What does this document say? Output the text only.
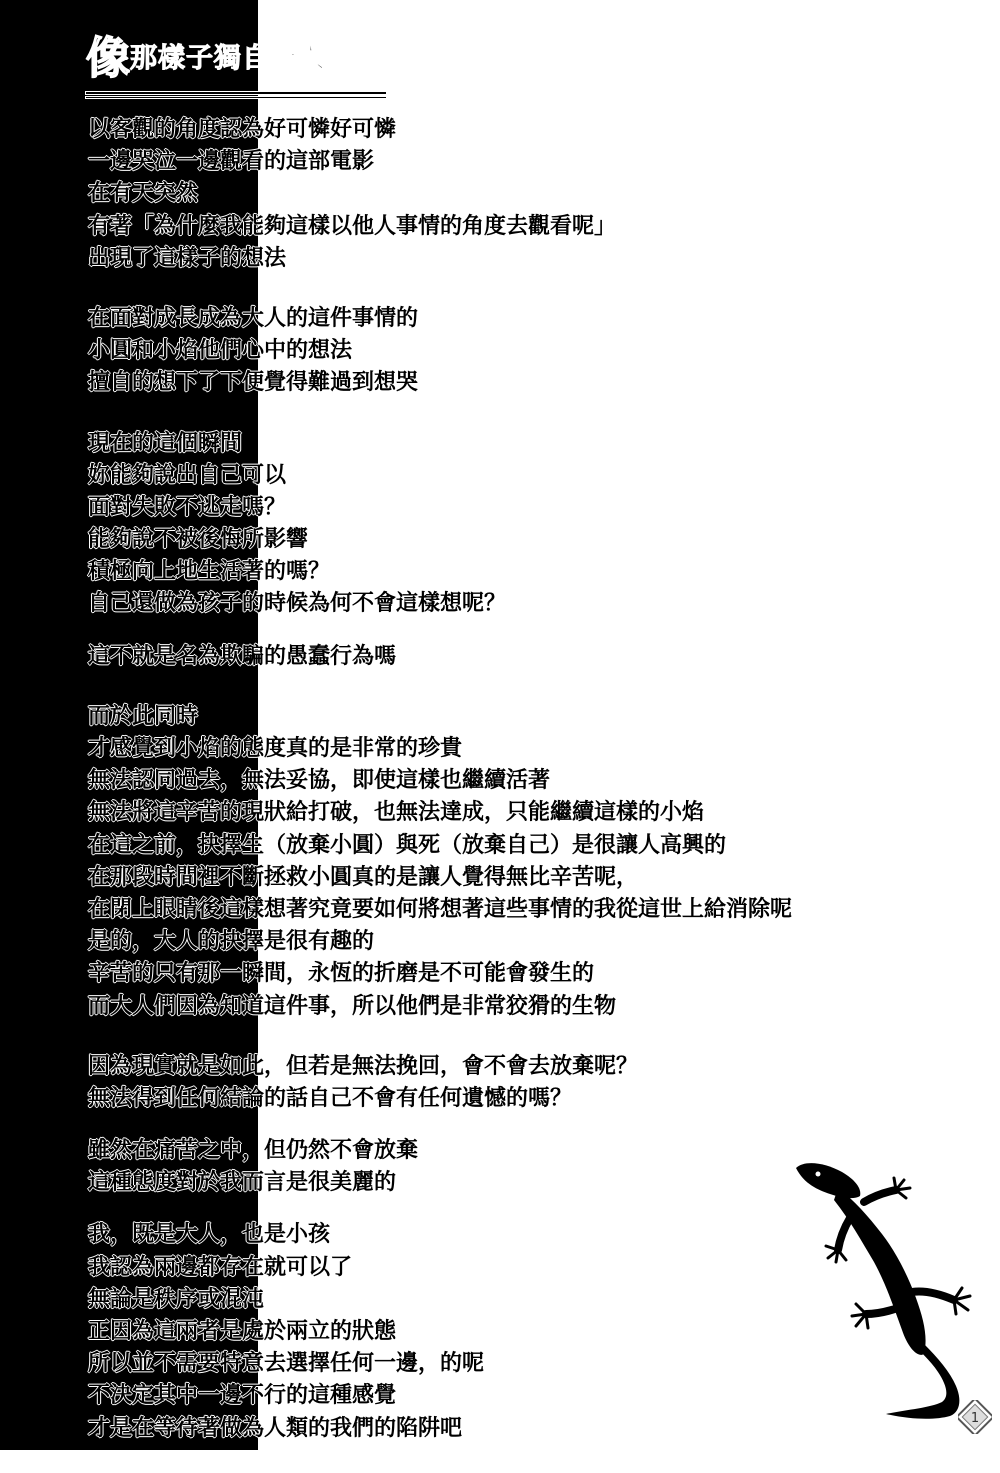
像那樣子獨自一人
以客觀的角度認為好可憐好可憐
一邊哭泣一邊觀看的這部電影
在有天突然
有著「為什麼我能夠這樣以他人事情的角度去觀看呢」
出現了這樣子的想法
在面對成長成為大人的這件事情的
小圓和小焰他們心中的想法
擅自的想下了下便覺得難過到想哭
現在的這個瞬間
妳能夠說出自己可以
面對失敗不逃走嗎？
能夠說不被後悔所影響
積極向上地生活著的嗎？
自己還做為孩子的時候為何不會這樣想呢？
這不就是名為欺騙的愚蠢行為嗎
而於此同時
才感覺到小焰的態度真的是非常的珍貴
無法認同過去，無法妥協，即使這樣也繼續活著
無法將這辛苦的現狀給打破，也無法達成，只能繼續這樣的小焰
在這之前，抉擇生（放棄小圓）與死（放棄自己）是很讓人高興的
在那段時間裡不斷拯救小圓真的是讓人覺得無比辛苦呢，
在閉上眼睛後這樣想著究竟要如何將想著這些事情的我從這世上給消除呢
是的，大人的抉擇是很有趣的
辛苦的只有那一瞬間，永恆的折磨是不可能會發生的
而大人們因為知道這件事，所以他們是非常狡猾的生物
因為現實就是如此，但若是無法挽回，會不會去放棄呢？
無法得到任何結論的話自己不會有任何遺憾的嗎？
雖然在痛苦之中，但仍然不會放棄
這種態度對於我而言是很美麗的
我，既是大人，也是小孩
我認為兩邊都存在就可以了
無論是秩序或混沌
正因為這兩者是處於兩立的狀態
所以並不需要特意去選擇任何一邊，的呢
不決定其中一邊不行的這種感覺
才是在等待著做為人類的我們的陷阱吧	1
